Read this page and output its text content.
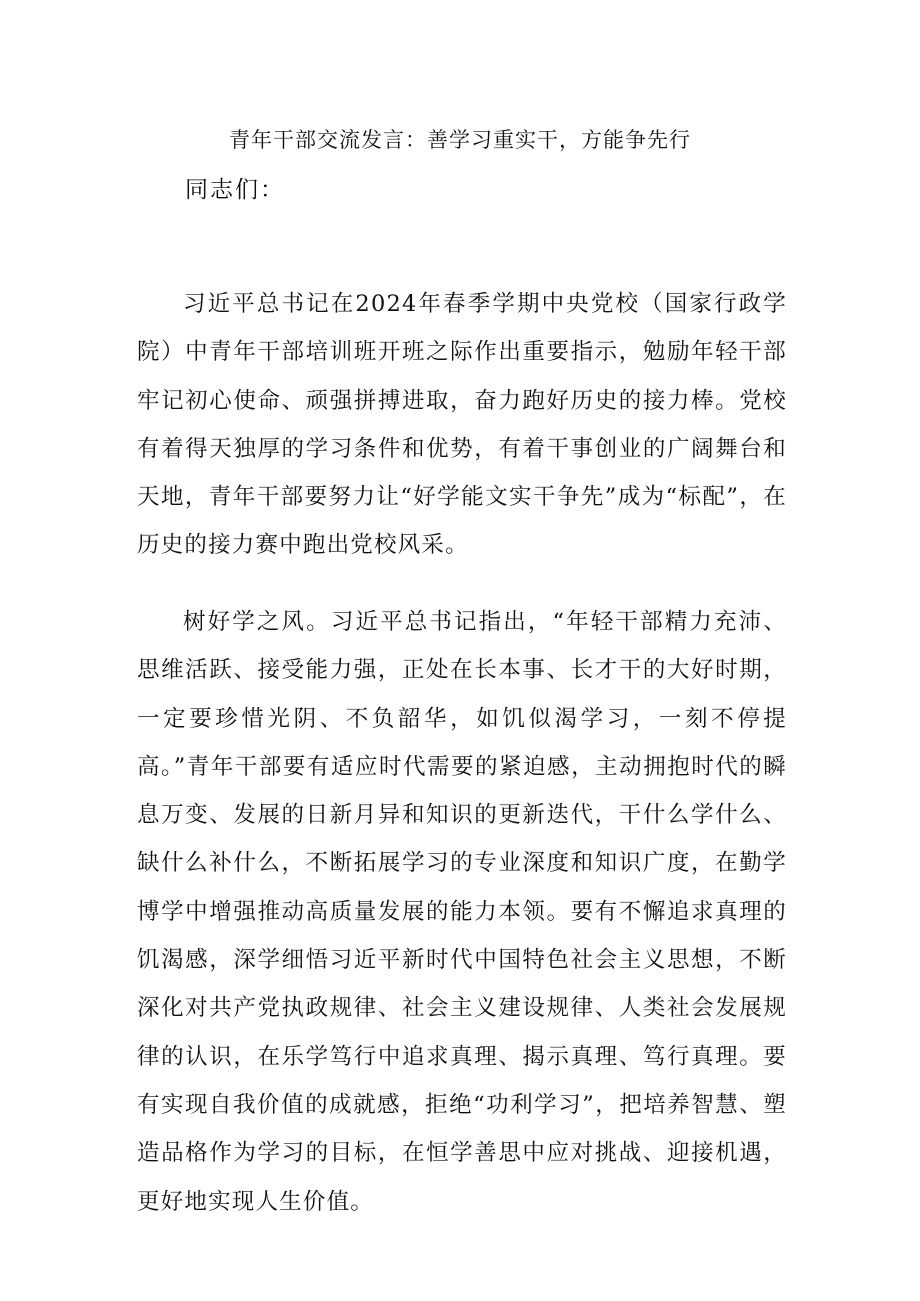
青年干部交流发言：善学习重实干，方能争先行

同志们：

习近平总书记在2024年春季学期中央党校（国家行政学院）中青年干部培训班开班之际作出重要指示，勉励年轻干部牢记初心使命、顽强拼搏进取，奋力跑好历史的接力棒。党校有着得天独厚的学习条件和优势，有着干事创业的广阔舞台和天地，青年干部要努力让“好学能文实干争先”成为“标配”，在历史的接力赛中跑出党校风采。

树好学之风。习近平总书记指出，“年轻干部精力充沛、思维活跃、接受能力强，正处在长本事、长才干的大好时期，一定要珍惜光阴、不负韶华，如饥似渴学习，一刻不停提高。”青年干部要有适应时代需要的紧迫感，主动拥抱时代的瞬息万变、发展的日新月异和知识的更新迭代，干什么学什么、缺什么补什么，不断拓展学习的专业深度和知识广度，在勤学博学中增强推动高质量发展的能力本领。要有不懈追求真理的饥渴感，深学细悟习近平新时代中国特色社会主义思想，不断深化对共产党执政规律、社会主义建设规律、人类社会发展规律的认识，在乐学笃行中追求真理、揭示真理、笃行真理。要有实现自我价值的成就感，拒绝“功利学习”，把培养智慧、塑造品格作为学习的目标，在恒学善思中应对挑战、迎接机遇，更好地实现人生价值。
